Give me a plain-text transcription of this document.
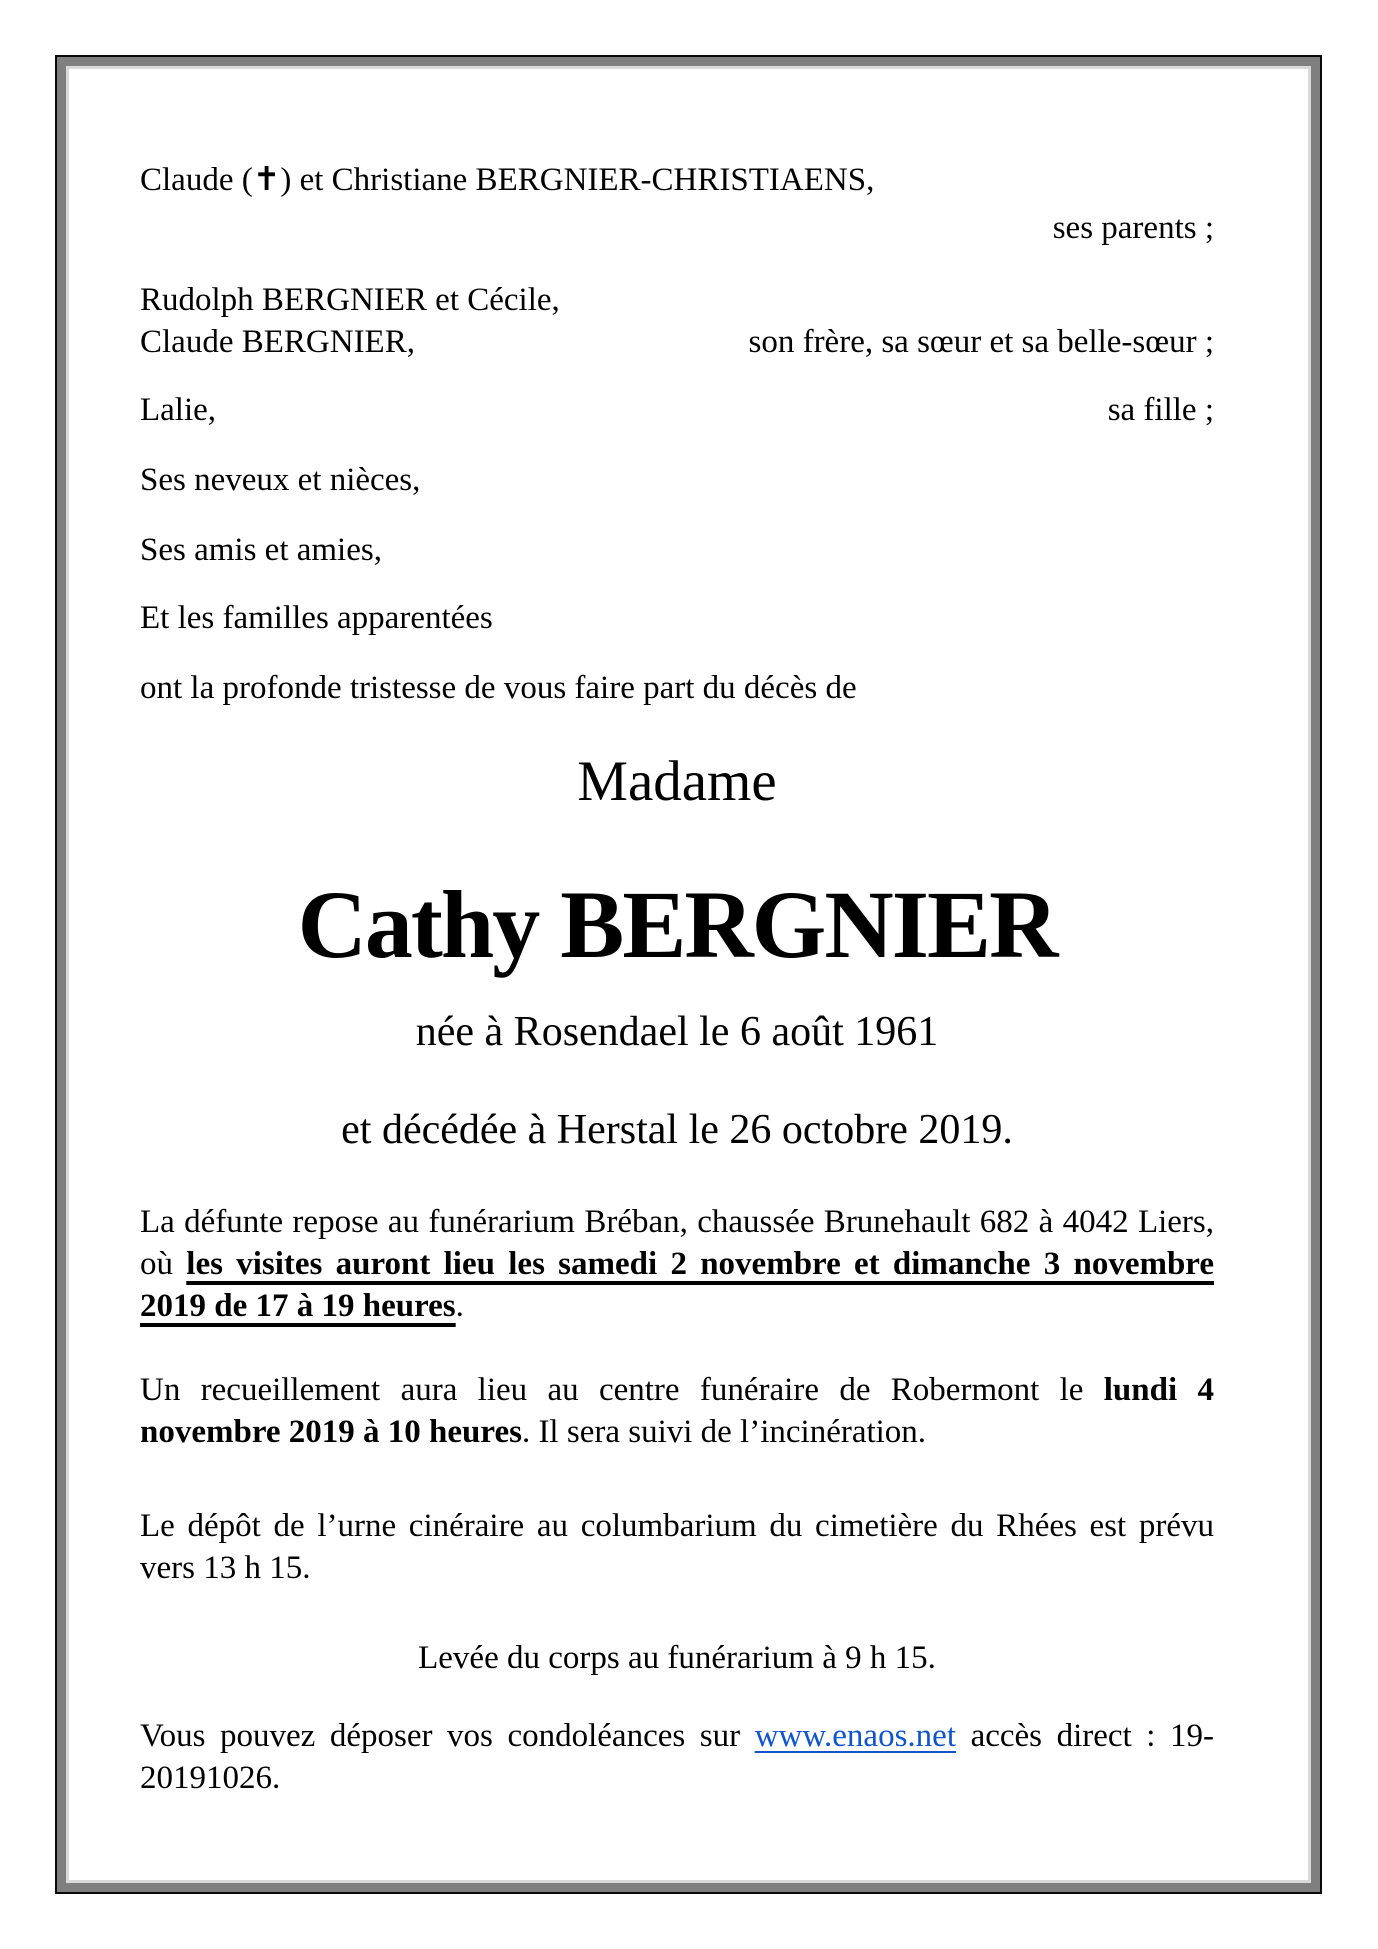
Claude (✝) et Christiane BERGNIER-CHRISTIAENS,
ses parents ;
Rudolph BERGNIER et Cécile,
Claude BERGNIER,	son frère, sa sœur et sa belle-sœur ;
Lalie,	sa fille ;
Ses neveux et nièces,
Ses amis et amies,
Et les familles apparentées
ont la profonde tristesse de vous faire part du décès de
Madame
Cathy BERGNIER
née à Rosendael le 6 août 1961
et décédée à Herstal le 26 octobre 2019.
La défunte repose au funérarium Bréban, chaussée Brunehault 682 à 4042 Liers, où les visites auront lieu les samedi 2 novembre et dimanche 3 novembre 2019 de 17 à 19 heures.
Un recueillement aura lieu au centre funéraire de Robermont le lundi 4 novembre 2019 à 10 heures. Il sera suivi de l’incinération.
Le dépôt de l’urne cinéraire au columbarium du cimetière du Rhées est prévu vers 13 h 15.
Levée du corps au funérarium à 9 h 15.
Vous pouvez déposer vos condoléances sur www.enaos.net accès direct : 19-20191026.
